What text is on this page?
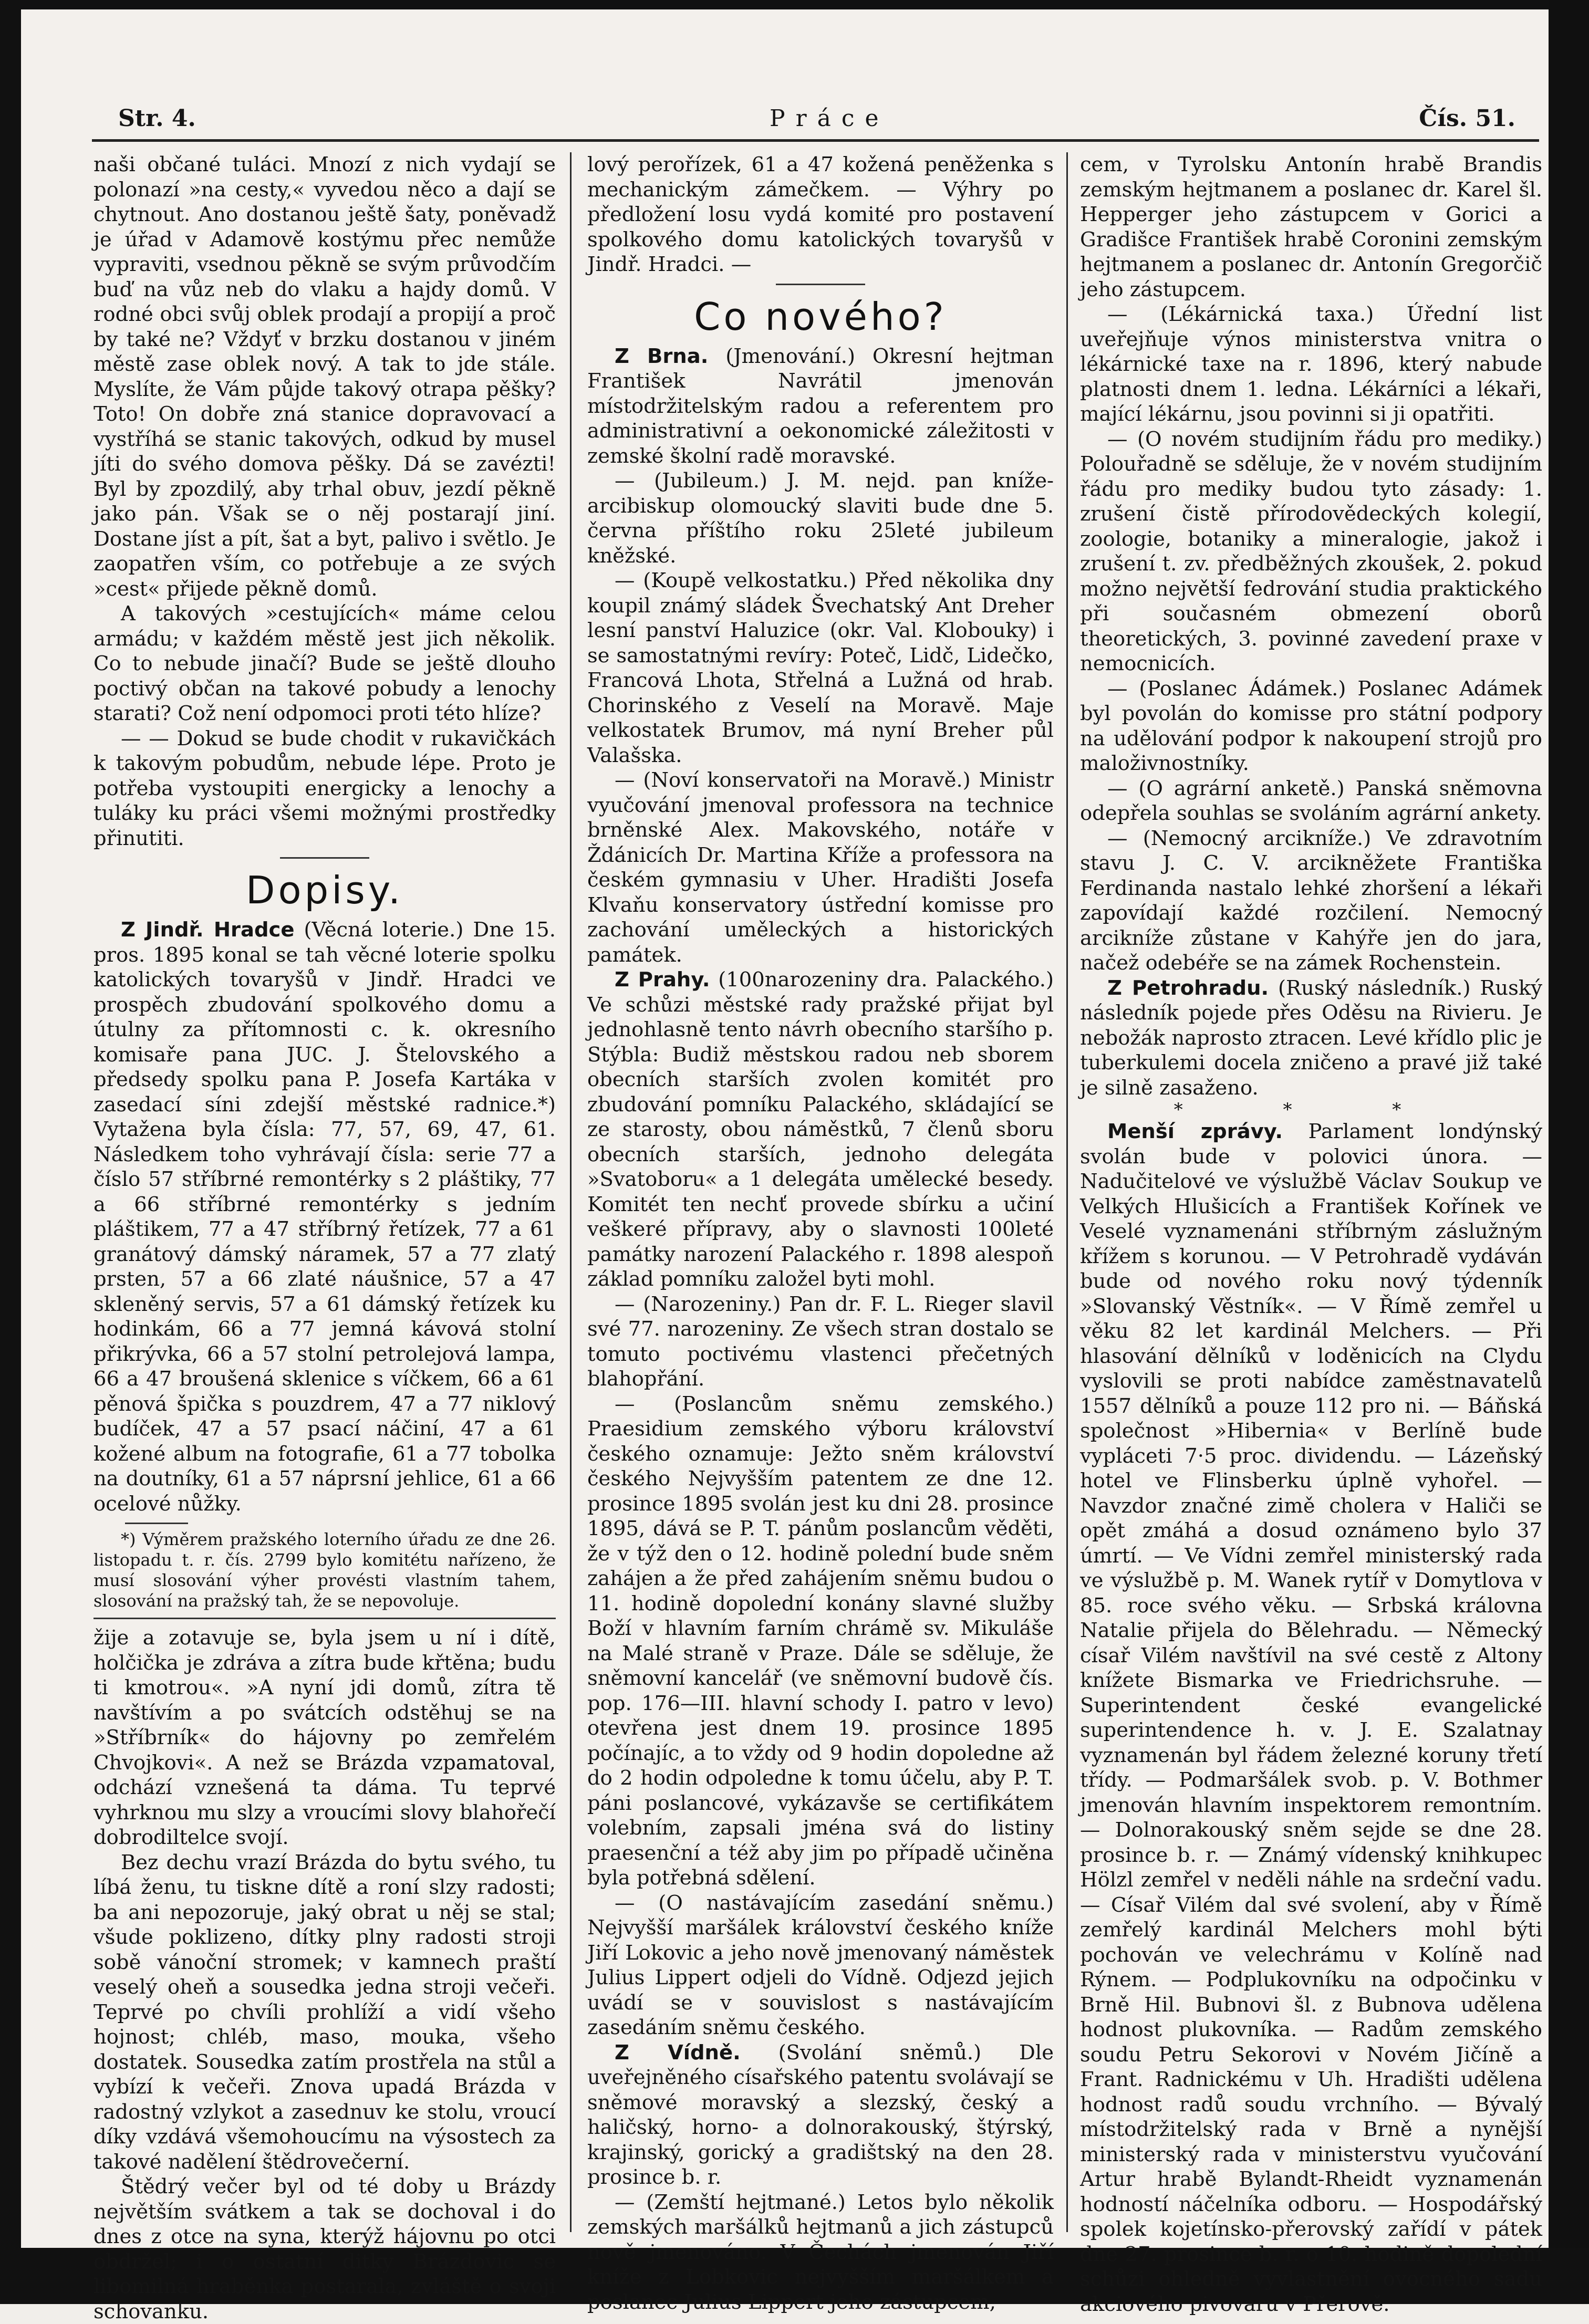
Str. 4.	Práce	Čís. 51.

naši občané tuláci. Mnozí z nich vydají se polonazí »na cesty,« vyvedou něco a dají se chytnout. Ano dostanou ještě šaty, poněvadž je úřad v Adamově kostýmu přec nemůže vypraviti, vsednou pěkně se svým průvodčím buď na vůz neb do vlaku a hajdy domů. V rodné obci svůj oblek prodají a propijí a proč by také ne? Vždyť v brzku dostanou v jiném městě zase oblek nový. A tak to jde stále. Myslíte, že Vám půjde takový otrapa pěšky? Toto! On dobře zná stanice dopravovací a vystříhá se stanic takových, odkud by musel jíti do svého domova pěšky. Dá se zavézti! Byl by zpozdilý, aby trhal obuv, jezdí pěkně jako pán. Však se o něj postarají jiní. Dostane jíst a pít, šat a byt, palivo i světlo. Je zaopatřen vším, co potřebuje a ze svých »cest« přijede pěkně domů.

A takových »cestujících« máme celou armádu; v každém městě jest jich několik. Co to nebude jinačí? Bude se ještě dlouho poctivý občan na takové pobudy a lenochy starati? Což není odpomoci proti této hlíze?

— — Dokud se bude chodit v rukavičkách k takovým pobudům, nebude lépe. Proto je potřeba vystoupiti energicky a lenochy a tuláky ku práci všemi možnými prostředky přinutiti.

Dopisy.

Z Jindř. Hradce (Věcná loterie.) Dne 15. pros. 1895 konal se tah věcné loterie spolku katolických tovaryšů v Jindř. Hradci ve prospěch zbudování spolkového domu a útulny za přítomnosti c. k. okresního komisaře pana JUC. J. Štelovského a předsedy spolku pana P. Josefa Kartáka v zasedací síni zdejší městské radnice.*) Vytažena byla čísla: 77, 57, 69, 47, 61. Následkem toho vyhrávají čísla: serie 77 a číslo 57 stříbrné remontérky s 2 pláštiky, 77 a 66 stříbrné remontérky s jedním pláštikem, 77 a 47 stříbrný řetízek, 77 a 61 granátový dámský náramek, 57 a 77 zlatý prsten, 57 a 66 zlaté náušnice, 57 a 47 skleněný servis, 57 a 61 dámský řetízek ku hodinkám, 66 a 77 jemná kávová stolní přikrývka, 66 a 57 stolní petrolejová lampa, 66 a 47 broušená sklenice s víčkem, 66 a 61 pěnová špička s pouzdrem, 47 a 77 niklový budíček, 47 a 57 psací náčiní, 47 a 61 kožené album na fotografie, 61 a 77 tobolka na doutníky, 61 a 57 náprsní jehlice, 61 a 66 ocelové nůžky.

*) Výměrem pražského loterního úřadu ze dne 26. listopadu t. r. čís. 2799 bylo komitétu nařízeno, že musí slosování výher provésti vlastním tahem, slosování na pražský tah, že se nepovoluje.

žije a zotavuje se, byla jsem u ní i dítě, holčička je zdráva a zítra bude křtěna; budu ti kmotrou«. »A nyní jdi domů, zítra tě navštívím a po svátcích odstěhuj se na »Stříbrník« do hájovny po zemřelém Chvojkovi«. A než se Brázda vzpamatoval, odchází vznešená ta dáma. Tu teprvé vyhrknou mu slzy a vroucími slovy blahořečí dobrodiltelce svojí.

Bez dechu vrazí Brázda do bytu svého, tu líbá ženu, tu tiskne dítě a roní slzy radosti; ba ani nepozoruje, jaký obrat u něj se stal; všude poklizeno, dítky plny radosti stroji sobě vánoční stromek; v kamnech praští veselý oheň a sousedka jedna stroji večeři. Teprvé po chvíli prohlíží a vidí všeho hojnost; chléb, maso, mouka, všeho dostatek. Sousedka zatím prostřela na stůl a vybízí k večeři. Znova upadá Brázda v radostný vzlykot a zasednuv ke stolu, vroucí díky vzdává všemohoucímu na výsostech za takové nadělení štědrovečerní.

Štědrý večer byl od té doby u Brázdy největším svátkem a tak se dochoval i do dnes z otce na syna, kterýž hájovnu po otci obdržel; i o ostatní ditky Brázdovic se libomilná hraběnka postarala, zvláště o svoji schovanku.

lový perořízek, 61 a 47 kožená peněženka s mechanickým zámečkem. — Výhry po předložení losu vydá komité pro postavení spolkového domu katolických tovaryšů v Jindř. Hradci. —

Co nového?

Z Brna. (Jmenování.) Okresní hejtman František Navrátil jmenován místodržitelským radou a referentem pro administrativní a oekonomické záležitosti v zemské školní radě moravské.

— (Jubileum.) J. M. nejd. pan kníže-arcibiskup olomoucký slaviti bude dne 5. června příštího roku 25leté jubileum kněžské.

— (Koupě velkostatku.) Před několika dny koupil známý sládek Švechatský Ant Dreher lesní panství Haluzice (okr. Val. Klobouky) i se samostatnými revíry: Poteč, Lidč, Lidečko, Francová Lhota, Střelná a Lužná od hrab. Chorinského z Veselí na Moravě. Maje velkostatek Brumov, má nyní Breher půl Valašska.

— (Noví konservatoři na Moravě.) Ministr vyučování jmenoval professora na technice brněnské Alex. Makovského, notáře v Ždánicích Dr. Martina Kříže a professora na českém gymnasiu v Uher. Hradišti Josefa Klvaňu konservatory ústřední komisse pro zachování uměleckých a historických památek.

Z Prahy. (100narozeniny dra. Palackého.) Ve schůzi městské rady pražské přijat byl jednohlasně tento návrh obecního staršího p. Stýbla: Budiž městskou radou neb sborem obecních starších zvolen komitét pro zbudování pomníku Palackého, skládající se ze starosty, obou náměstků, 7 členů sboru obecních starších, jednoho delegáta »Svatoboru« a 1 delegáta umělecké besedy. Komitét ten nechť provede sbírku a učiní veškeré přípravy, aby o slavnosti 100leté památky narození Palackého r. 1898 alespoň základ pomníku založel byti mohl.

— (Narozeniny.) Pan dr. F. L. Rieger slavil své 77. narozeniny. Ze všech stran dostalo se tomuto poctivému vlastenci přečetných blahopřání.

— (Poslancům sněmu zemského.) Praesidium zemského výboru království českého oznamuje: Ježto sněm království českého Nejvyšším patentem ze dne 12. prosince 1895 svolán jest ku dni 28. prosince 1895, dává se P. T. pánům poslancům věděti, že v týž den o 12. hodině polední bude sněm zahájen a že před zahájením sněmu budou o 11. hodině dopolední konány slavné služby Boží v hlavním farním chrámě sv. Mikuláše na Malé straně v Praze. Dále se sděluje, že sněmovní kancelář (ve sněmovní budově čís. pop. 176—III. hlavní schody I. patro v levo) otevřena jest dnem 19. prosince 1895 počínajíc, a to vždy od 9 hodin dopoledne až do 2 hodin odpoledne k tomu účelu, aby P. T. páni poslancové, vykázavše se certifikátem volebním, zapsali jména svá do listiny praesenční a též aby jim po případě učiněna byla potřebná sdělení.

— (O nastávajícím zasedání sněmu.) Nejvyšší maršálek království českého kníže Jiří Lokovic a jeho nově jmenovaný náměstek Julius Lippert odjeli do Vídně. Odjezd jejich uvádí se v souvislost s nastávajícím zasedáním sněmu českého.

Z Vídně. (Svolání sněmů.) Dle uveřejněného císařského patentu svolávají se sněmové moravský a slezský, český a haličský, horno- a dolnorakouský, štýrský, krajinský, gorický a gradištský na den 28. prosince b. r.

— (Zemští hejtmané.) Letos bylo několik zemských maršálků hejtmanů a jich zástupců nově jmenováno. V Čechách jmenován Jiří kníže z Lobkovic nejvyšším maršálkem a poslanec Julius Lippert jeho zástupcem,

cem, v Tyrolsku Antonín hrabě Brandis zemským hejtmanem a poslanec dr. Karel šl. Hepperger jeho zástupcem v Gorici a Gradišce František hrabě Coronini zemským hejtmanem a poslanec dr. Antonín Gregorčič jeho zástupcem.

— (Lékárnická taxa.) Úřední list uveřejňuje výnos ministerstva vnitra o lékárnické taxe na r. 1896, který nabude platnosti dnem 1. ledna. Lékárníci a lékaři, mající lékárnu, jsou povinni si ji opatřiti.

— (O novém studijním řádu pro mediky.) Polouřadně se sděluje, že v novém studijním řádu pro mediky budou tyto zásady: 1. zrušení čistě přírodovědeckých kolegií, zoologie, botaniky a mineralogie, jakož i zrušení t. zv. předběžných zkoušek, 2. pokud možno největší fedrování studia praktického při současném obmezení oborů theoretických, 3. povinné zavedení praxe v nemocnicích.

— (Poslanec Ádámek.) Poslanec Adámek byl povolán do komisse pro státní podpory na udělování podpor k nakoupení strojů pro maloživnostníky.

— (O agrární anketě.) Panská sněmovna odepřela souhlas se svoláním agrární ankety.

— (Nemocný arcikníže.) Ve zdravotním stavu J. C. V. arcikněžete Františka Ferdinanda nastalo lehké zhoršení a lékaři zapovídají každé rozčilení. Nemocný arcikníže zůstane v Kahýře jen do jara, načež odebéře se na zámek Rochenstein.

Z Petrohradu. (Ruský následník.) Ruský následník pojede přes Oděsu na Rivieru. Je nebožák naprosto ztracen. Levé křídlo plic je tuberkulemi docela zničeno a pravé již také je silně zasaženo.

* * *

Menší zprávy. Parlament londýnský svolán bude v polovici února. — Nadučitelové ve výslužbě Václav Soukup ve Velkých Hlušicích a František Kořínek ve Veselé vyznamenáni stříbrným záslužným křížem s korunou. — V Petrohradě vydáván bude od nového roku nový týdenník »Slovanský Věstník«. — V Římě zemřel u věku 82 let kardinál Melchers. — Při hlasování dělníků v loděnicích na Clydu vyslovili se proti nabídce zaměstnavatelů 1557 dělníků a pouze 112 pro ni. — Báňská společnost »Hibernia« v Berlíně bude vypláceti 7·5 proc. dividendu. — Lázeňský hotel ve Flinsberku úplně vyhořel. — Navzdor značné zimě cholera v Haliči se opět zmáhá a dosud oznámeno bylo 37 úmrtí. — Ve Vídni zemřel ministerský rada ve výslužbě p. M. Wanek rytíř v Domytlova v 85. roce svého věku. — Srbská královna Natalie přijela do Bělehradu. — Německý císař Vilém navštívil na své cestě z Altony knížete Bismarka ve Friedrichsruhe. — Superintendent české evangelické superintendence h. v. J. E. Szalatnay vyznamenán byl řádem železné koruny třetí třídy. — Podmaršálek svob. p. V. Bothmer jmenován hlavním inspektorem remontním. — Dolnorakouský sněm sejde se dne 28. prosince b. r. — Známý vídenský knihkupec Hölzl zemřel v neděli náhle na srdeční vadu. — Císař Vilém dal své svolení, aby v Římě zemřelý kardinál Melchers mohl býti pochován ve velechrámu v Kolíně nad Rýnem. — Podplukovníku na odpočinku v Brně Hil. Bubnovi šl. z Bubnova udělena hodnost plukovníka. — Radům zemského soudu Petru Sekorovi v Novém Jičíně a Frant. Radnickému v Uh. Hradišti udělena hodnost radů soudu vrchního. — Bývalý místodržitelský rada v Brně a nynější ministerský rada v ministerstvu vyučování Artur hrabě Bylandt-Rheidt vyznamenán hodností náčelníka odboru. — Hospodářský spolek kojetínsko-přerovský zařídí v pátek dne 27. prosince b. r. o 10. hodině dopolední schůzi ohledně vyvlastnění ovocného sadu akciového pivovaru v Přerově.
